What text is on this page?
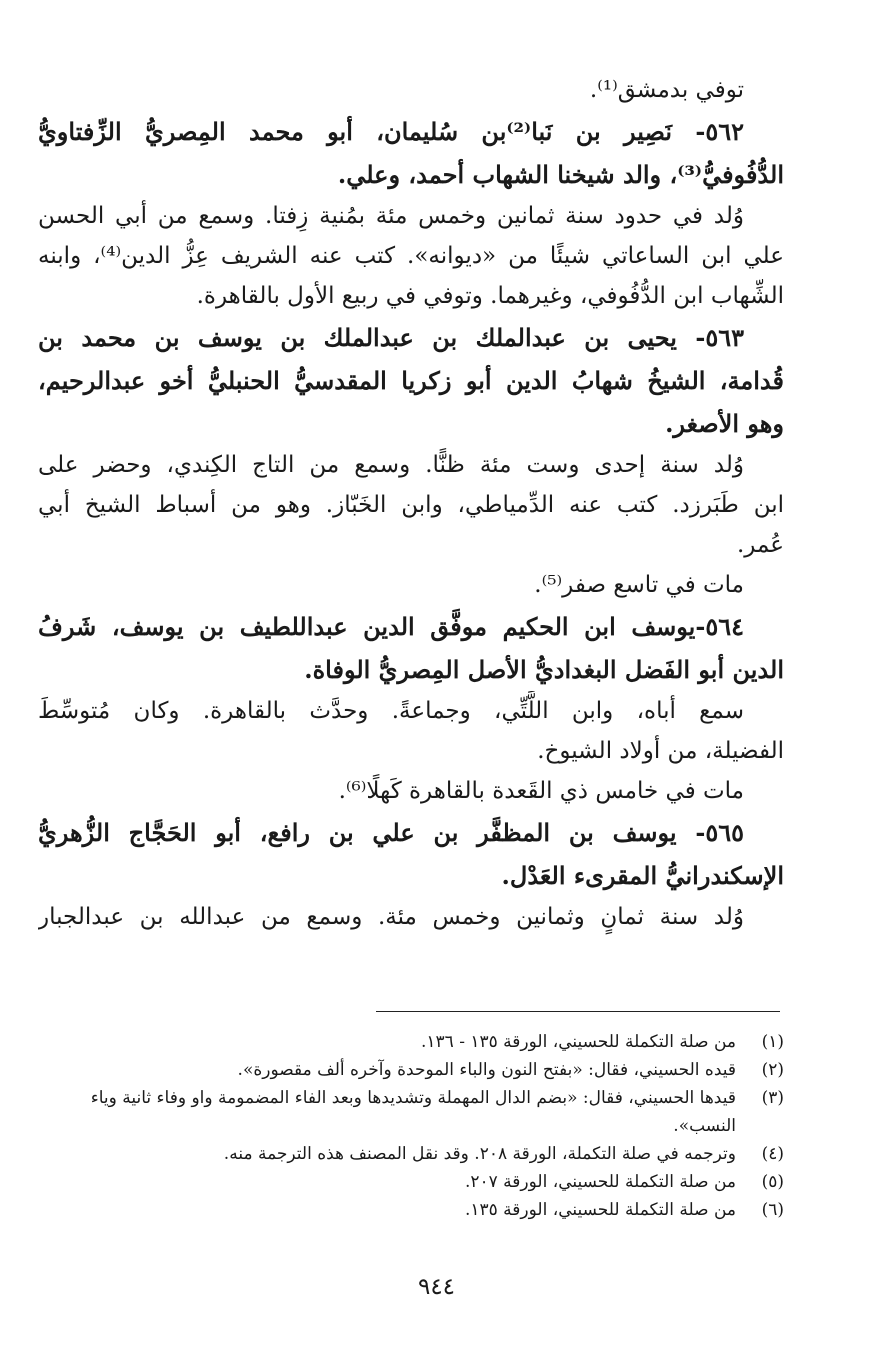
توفي بدمشق⁽¹⁾.
٥٦٢- نَصِير بن نَبا⁽²⁾بن سُليمان، أبو محمد المِصريُّ الزِّفتاويُّ
الدُّفُوفيُّ⁽³⁾، والد شيخنا الشهاب أحمد، وعلي.
وُلد في حدود سنة ثمانين وخمس مئة بمُنية زِفتا. وسمع من أبي الحسن
علي ابن الساعاتي شيئًا من «ديوانه». كتب عنه الشريف عِزُّ الدين⁽⁴⁾، وابنه
الشِّهاب ابن الدُّفُوفي، وغيرهما. وتوفي في ربيع الأول بالقاهرة.
٥٦٣- يحيى بن عبدالملك بن عبدالملك بن يوسف بن محمد بن
قُدامة، الشيخُ شهابُ الدين أبو زكريا المقدسيُّ الحنبليُّ أخو عبدالرحيم،
وهو الأصغر.
وُلد سنة إحدى وست مئة ظنًّا. وسمع من التاج الكِندي، وحضر على
ابن طَبَرزد. كتب عنه الدِّمياطي، وابن الخَبّاز. وهو من أسباط الشيخ أبي
عُمر.
مات في تاسع صفر⁽⁵⁾.
٥٦٤-يوسف ابن الحكيم موفَّق الدين عبداللطيف بن يوسف، شَرفُ
الدين أبو الفَضل البغداديُّ الأصل المِصريُّ الوفاة.
سمع أباه، وابن اللَّتِّي، وجماعةً. وحدَّث بالقاهرة. وكان مُتوسِّطَ
الفضيلة، من أولاد الشيوخ.
مات في خامس ذي القَعدة بالقاهرة كَهلًا⁽⁶⁾.
٥٦٥- يوسف بن المظفَّر بن علي بن رافع، أبو الحَجَّاج الزُّهريُّ
الإسكندرانيُّ المقرىء العَدْل.
وُلد سنة ثمانٍ وثمانين وخمس مئة. وسمع من عبدالله بن عبدالجبار
(١)
من صلة التكملة للحسيني، الورقة ١٣٥ - ١٣٦.
(٢)
قيده الحسيني، فقال: «بفتح النون والباء الموحدة وآخره ألف مقصورة».
(٣)
قيدها الحسيني، فقال: «بضم الدال المهملة وتشديدها وبعد الفاء المضمومة واو وفاء ثانية وياء النسب».
(٤)
وترجمه في صلة التكملة، الورقة ٢٠٨. وقد نقل المصنف هذه الترجمة منه.
(٥)
من صلة التكملة للحسيني، الورقة ٢٠٧.
(٦)
من صلة التكملة للحسيني، الورقة ١٣٥.
٩٤٤
